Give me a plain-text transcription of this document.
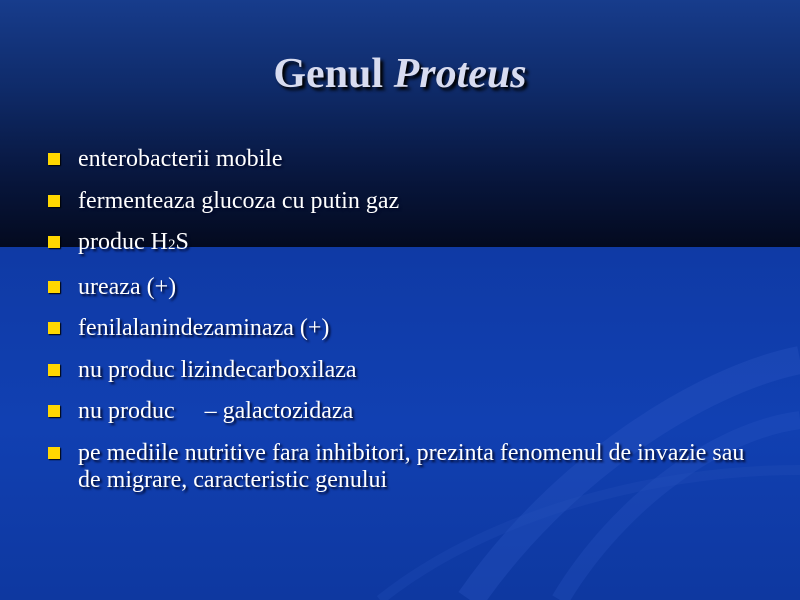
Genul Proteus
enterobacterii mobile
fermenteaza glucoza cu putin gaz
produc H2S
ureaza (+)
fenilalanindezaminaza (+)
nu produc lizindecarboxilaza
nu produc     – galactozidaza
pe mediile nutritive fara inhibitori, prezinta fenomenul de invazie sau de migrare, caracteristic genului
